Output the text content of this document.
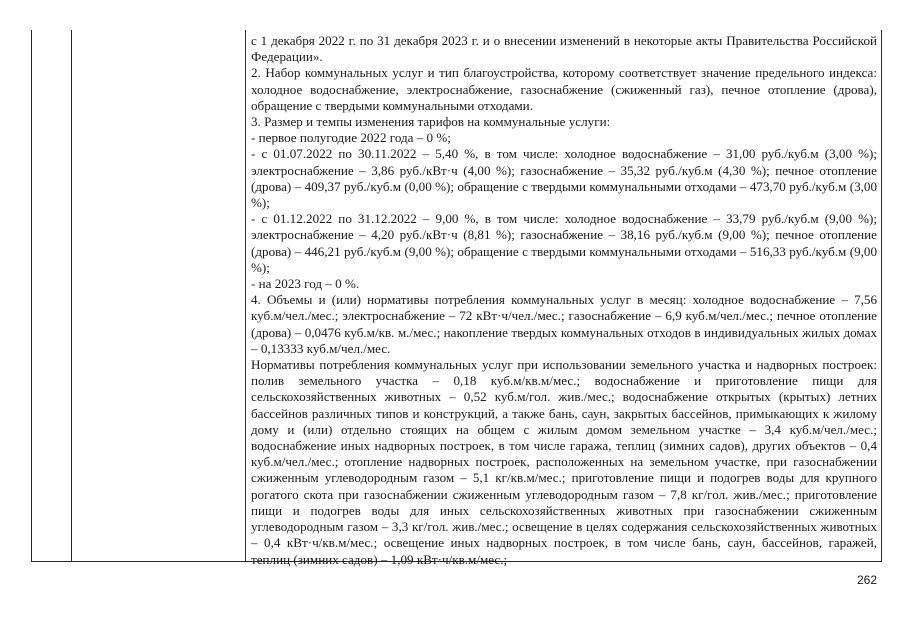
с 1 декабря 2022 г. по 31 декабря 2023 г. и о внесении изменений в некоторые акты Правительства Российской Федерации».

2. Набор коммунальных услуг и тип благоустройства, которому соответствует значение предельного индекса: холодное водоснабжение, электроснабжение, газоснабжение (сжиженный газ), печное отопление (дрова), обращение с твердыми коммунальными отходами.

3. Размер и темпы изменения тарифов на коммунальные услуги:

- первое полугодие 2022 года – 0 %;

- с 01.07.2022 по 30.11.2022 – 5,40 %, в том числе: холодное водоснабжение – 31,00 руб./куб.м (3,00 %); электроснабжение – 3,86 руб./кВт·ч (4,00 %); газоснабжение – 35,32 руб./куб.м (4,30 %); печное отопление (дрова) – 409,37 руб./куб.м (0,00 %); обращение с твердыми коммунальными отходами – 473,70 руб./куб.м (3,00 %);

- с 01.12.2022 по 31.12.2022 – 9,00 %, в том числе: холодное водоснабжение – 33,79 руб./куб.м (9,00 %); электроснабжение – 4,20 руб./кВт·ч (8,81 %); газоснабжение – 38,16 руб./куб.м (9,00 %); печное отопление (дрова) – 446,21 руб./куб.м (9,00 %); обращение с твердыми коммунальными отходами – 516,33 руб./куб.м (9,00 %);

- на 2023 год – 0 %.

4. Объемы и (или) нормативы потребления коммунальных услуг в месяц: холодное водоснабжение – 7,56 куб.м/чел./мес.; электроснабжение – 72 кВт·ч/чел./мес.; газоснабжение – 6,9 куб.м/чел./мес.; печное отопление (дрова) – 0,0476 куб.м/кв. м./мес.; накопление твердых коммунальных отходов в индивидуальных жилых домах – 0,13333 куб.м/чел./мес.

Нормативы потребления коммунальных услуг при использовании земельного участка и надворных построек: полив земельного участка – 0,18 куб.м/кв.м/мес.; водоснабжение и приготовление пищи для сельскохозяйственных животных – 0,52 куб.м/гол. жив./мес.; водоснабжение открытых (крытых) летних бассейнов различных типов и конструкций, а также бань, саун, закрытых бассейнов, примыкающих к жилому дому и (или) отдельно стоящих на общем с жилым домом земельном участке – 3,4 куб.м/чел./мес.; водоснабжение иных надворных построек, в том числе гаража, теплиц (зимних садов), других объектов – 0,4 куб.м/чел./мес.; отопление надворных построек, расположенных на земельном участке, при газоснабжении сжиженным углеводородным газом – 5,1 кг/кв.м/мес.; приготовление пищи и подогрев воды для крупного рогатого скота при газоснабжении сжиженным углеводородным газом – 7,8 кг/гол. жив./мес.; приготовление пищи и подогрев воды для иных сельскохозяйственных животных при газоснабжении сжиженным углеводородным газом – 3,3 кг/гол. жив./мес.; освещение в целях содержания сельскохозяйственных животных – 0,4 кВт·ч/кв.м/мес.; освещение иных надворных построек, в том числе бань, саун, бассейнов, гаражей, теплиц (зимних садов) – 1,09 кВт·ч/кв.м/мес.;

262
